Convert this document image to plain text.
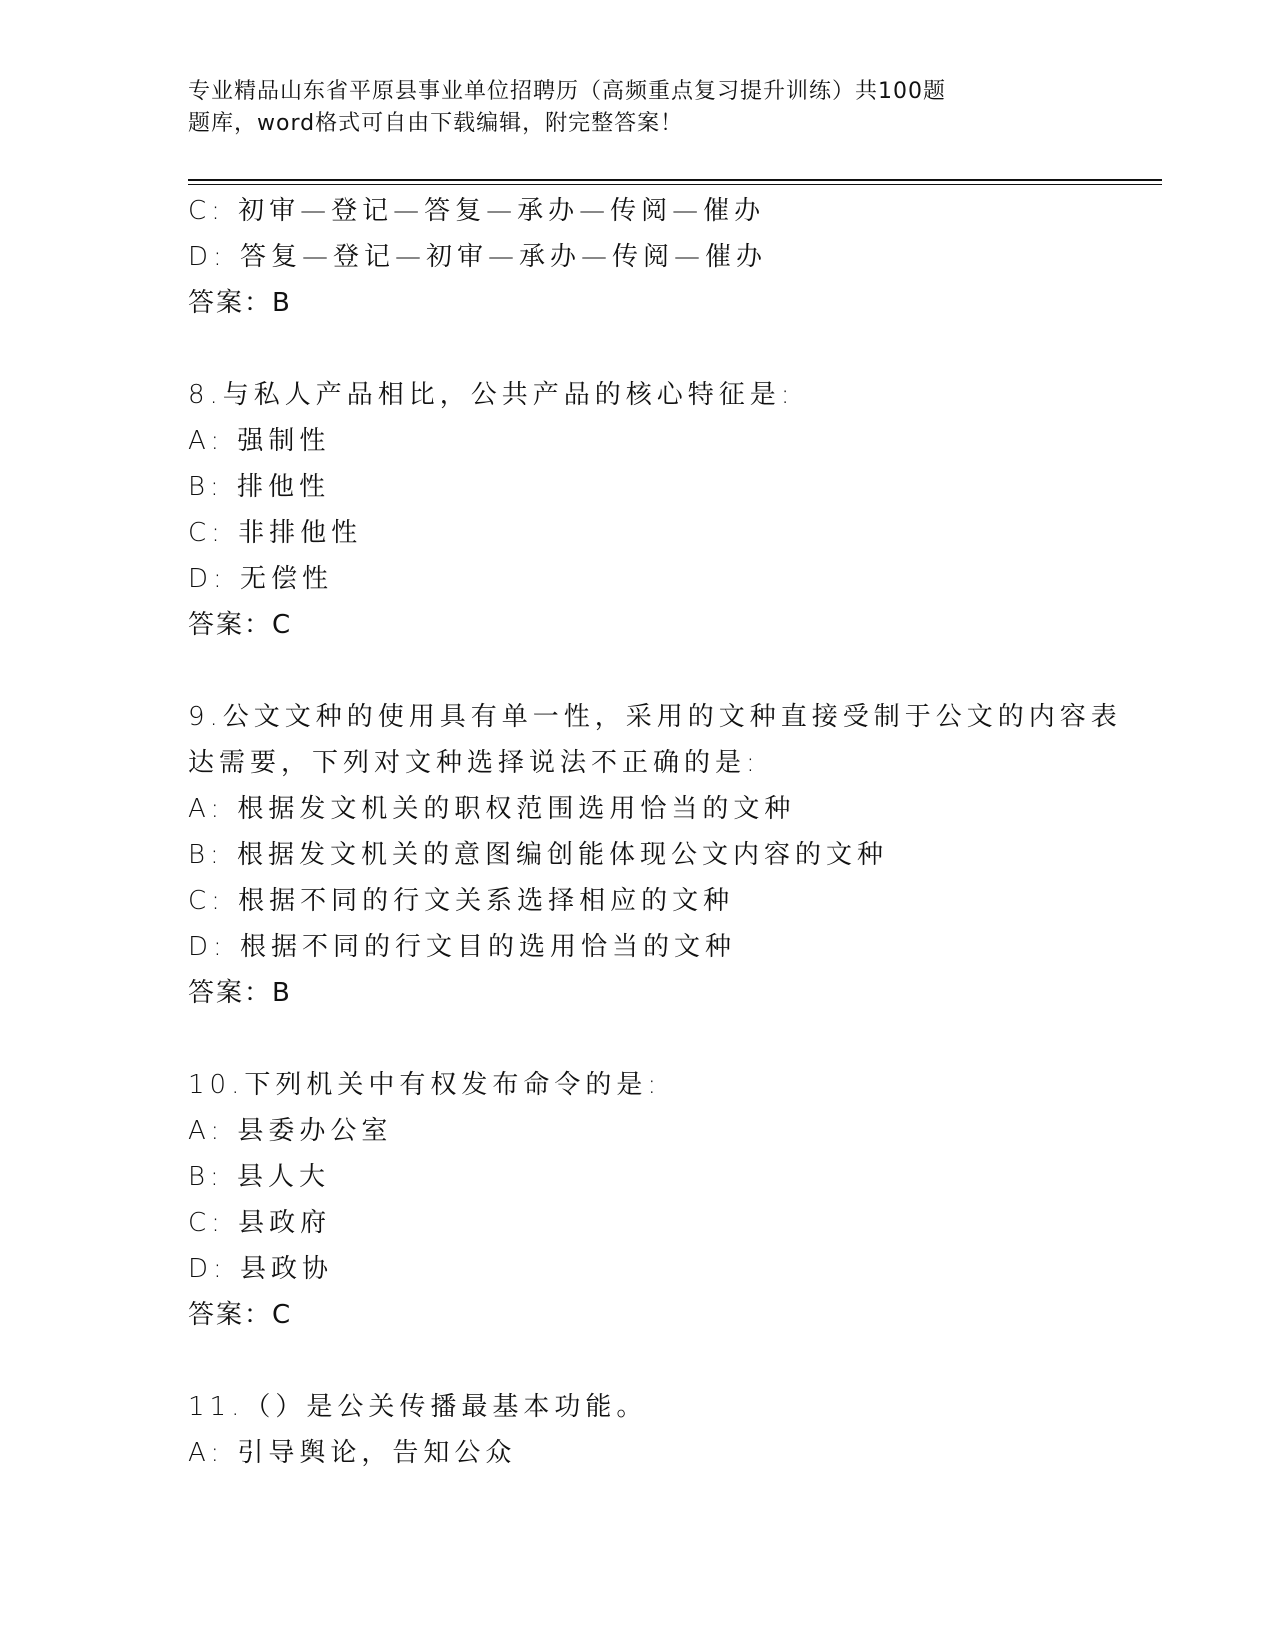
专业精品山东省平原县事业单位招聘历（高频重点复习提升训练）共100题
题库，word格式可自由下载编辑，附完整答案！
C: 初审—登记—答复—承办—传阅—催办
D: 答复—登记—初审—承办—传阅—催办
答案：B
8.与私人产品相比，公共产品的核心特征是:
A: 强制性
B: 排他性
C: 非排他性
D: 无偿性
答案：C
9.公文文种的使用具有单一性，采用的文种直接受制于公文的内容表
达需要，下列对文种选择说法不正确的是:
A: 根据发文机关的职权范围选用恰当的文种
B: 根据发文机关的意图编创能体现公文内容的文种
C: 根据不同的行文关系选择相应的文种
D: 根据不同的行文目的选用恰当的文种
答案：B
10.下列机关中有权发布命令的是:
A: 县委办公室
B: 县人大
C: 县政府
D: 县政协
答案：C
11.（）是公关传播最基本功能。
A: 引导舆论，告知公众
